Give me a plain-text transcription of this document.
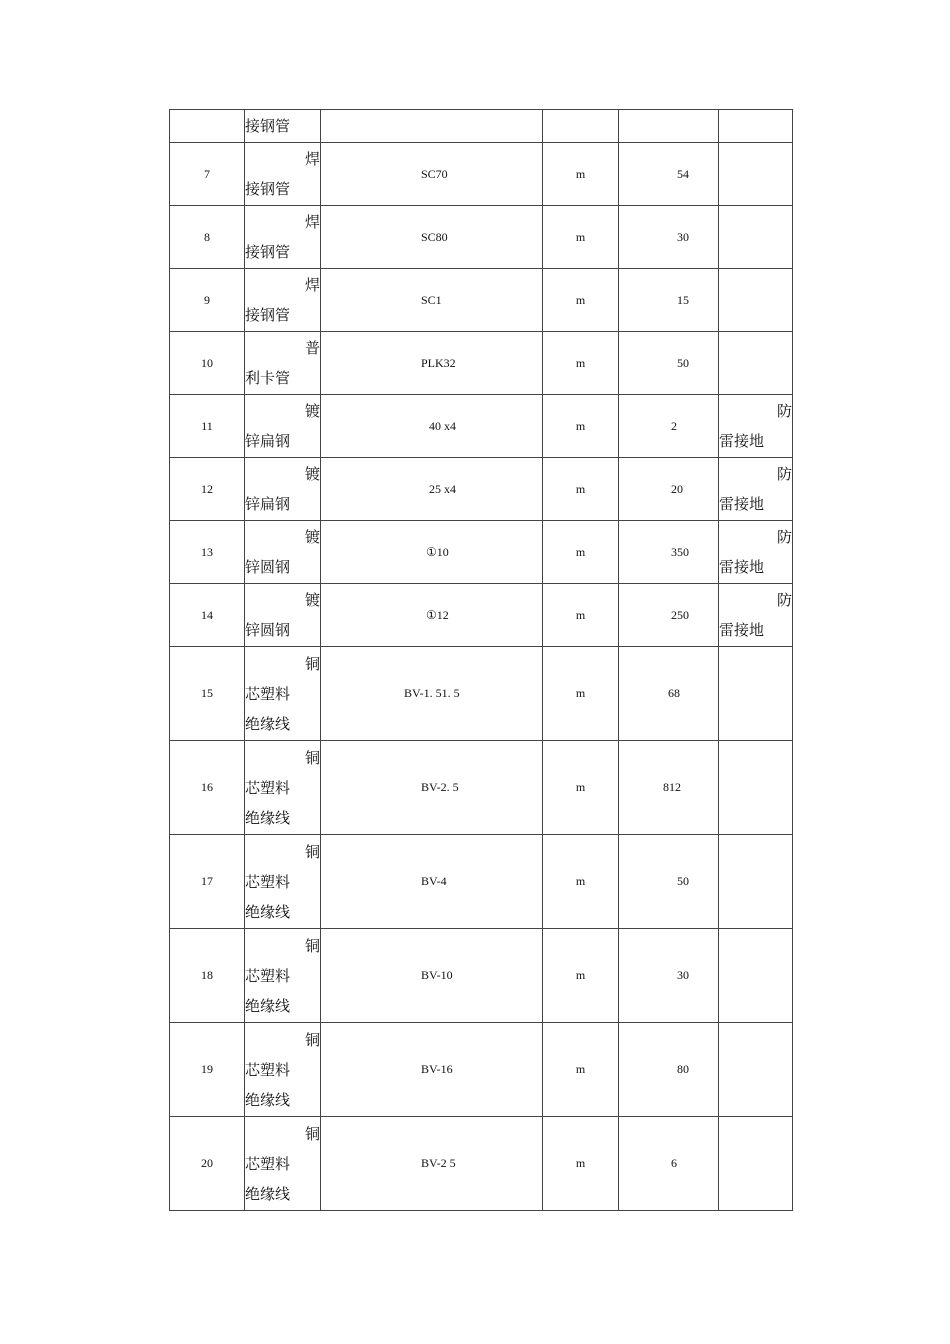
	接钢管				

7	焊
接钢管	SC70	m	54	
8	焊
接钢管	SC80	m	30	
9	焊
接钢管	SC1	m	15	
10	普
利卡管	PLK32	m	50	
11	镀
锌扁钢	40 x4	m	2	防
雷接地

12	镀
锌扁钢	25 x4	m	20	防
雷接地

13	镀
锌圆钢	①10	m	350	防
雷接地

14	镀
锌圆钢	①12	m	250	防
雷接地

15	铜
芯塑料
绝缘线	BV-1. 51. 5	m	68	
16	铜
芯塑料
绝缘线	BV-2. 5	m	812	
17	铜
芯塑料
绝缘线	BV-4	m	50	
18	铜
芯塑料
绝缘线	BV-10	m	30	
19	铜
芯塑料
绝缘线	BV-16	m	80	
20	铜
芯塑料
绝缘线	BV-2 5	m	6	
